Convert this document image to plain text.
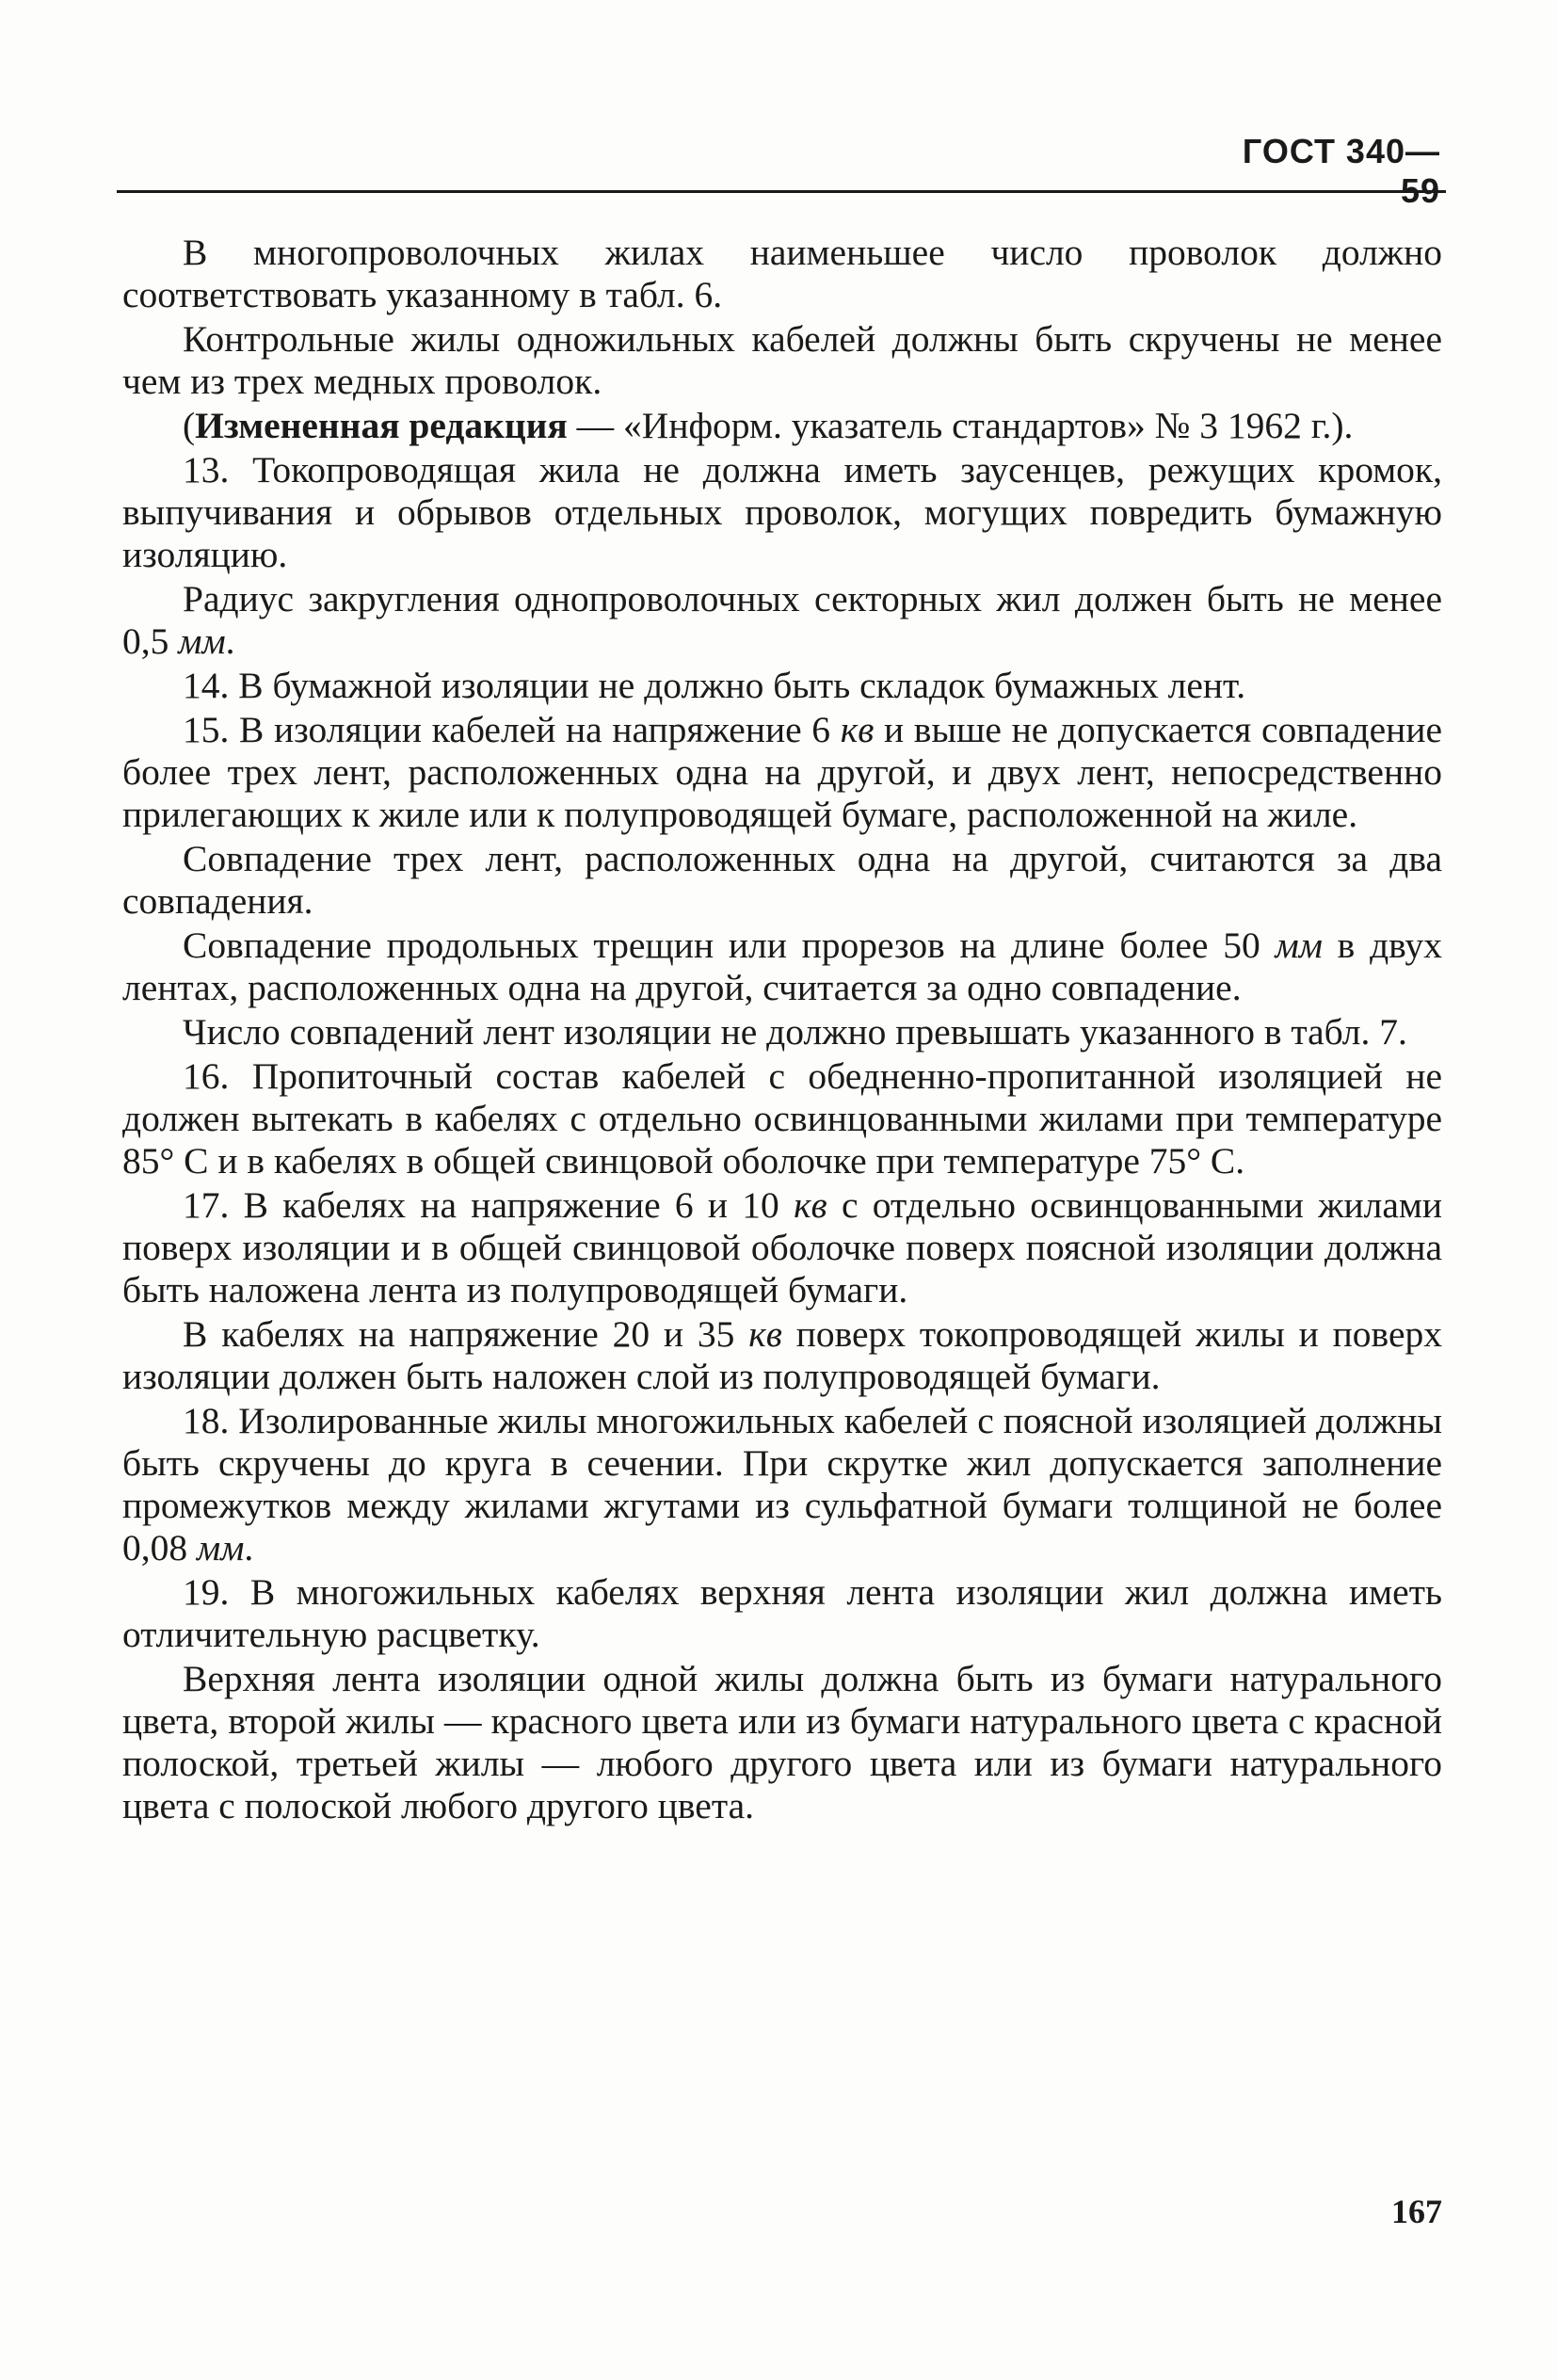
ГОСТ 340—59

В многопроволочных жилах наименьшее число проволок должно соответствовать указанному в табл. 6.

Контрольные жилы одножильных кабелей должны быть скручены не менее чем из трех медных проволок.

(Измененная редакция — «Информ. указатель стандартов» № 3 1962 г.).

13. Токопроводящая жила не должна иметь заусенцев, режущих кромок, выпучивания и обрывов отдельных проволок, могущих повредить бумажную изоляцию.

Радиус закругления однопроволочных секторных жил должен быть не менее 0,5 мм.

14. В бумажной изоляции не должно быть складок бумажных лент.

15. В изоляции кабелей на напряжение 6 кв и выше не допускается совпадение более трех лент, расположенных одна на другой, и двух лент, непосредственно прилегающих к жиле или к полупроводящей бумаге, расположенной на жиле.

Совпадение трех лент, расположенных одна на другой, считаются за два совпадения.

Совпадение продольных трещин или прорезов на длине более 50 мм в двух лентах, расположенных одна на другой, считается за одно совпадение.

Число совпадений лент изоляции не должно превышать указанного в табл. 7.

16. Пропиточный состав кабелей с обедненно-пропитанной изоляцией не должен вытекать в кабелях с отдельно освинцованными жилами при температуре 85° С и в кабелях в общей свинцовой оболочке при температуре 75° С.

17. В кабелях на напряжение 6 и 10 кв с отдельно освинцованными жилами поверх изоляции и в общей свинцовой оболочке поверх поясной изоляции должна быть наложена лента из полупроводящей бумаги.

В кабелях на напряжение 20 и 35 кв поверх токопроводящей жилы и поверх изоляции должен быть наложен слой из полупроводящей бумаги.

18. Изолированные жилы многожильных кабелей с поясной изоляцией должны быть скручены до круга в сечении. При скрутке жил допускается заполнение промежутков между жилами жгутами из сульфатной бумаги толщиной не более 0,08 мм.

19. В многожильных кабелях верхняя лента изоляции жил должна иметь отличительную расцветку.

Верхняя лента изоляции одной жилы должна быть из бумаги натурального цвета, второй жилы — красного цвета или из бумаги натурального цвета с красной полоской, третьей жилы — любого другого цвета или из бумаги натурального цвета с полоской любого другого цвета.

167
